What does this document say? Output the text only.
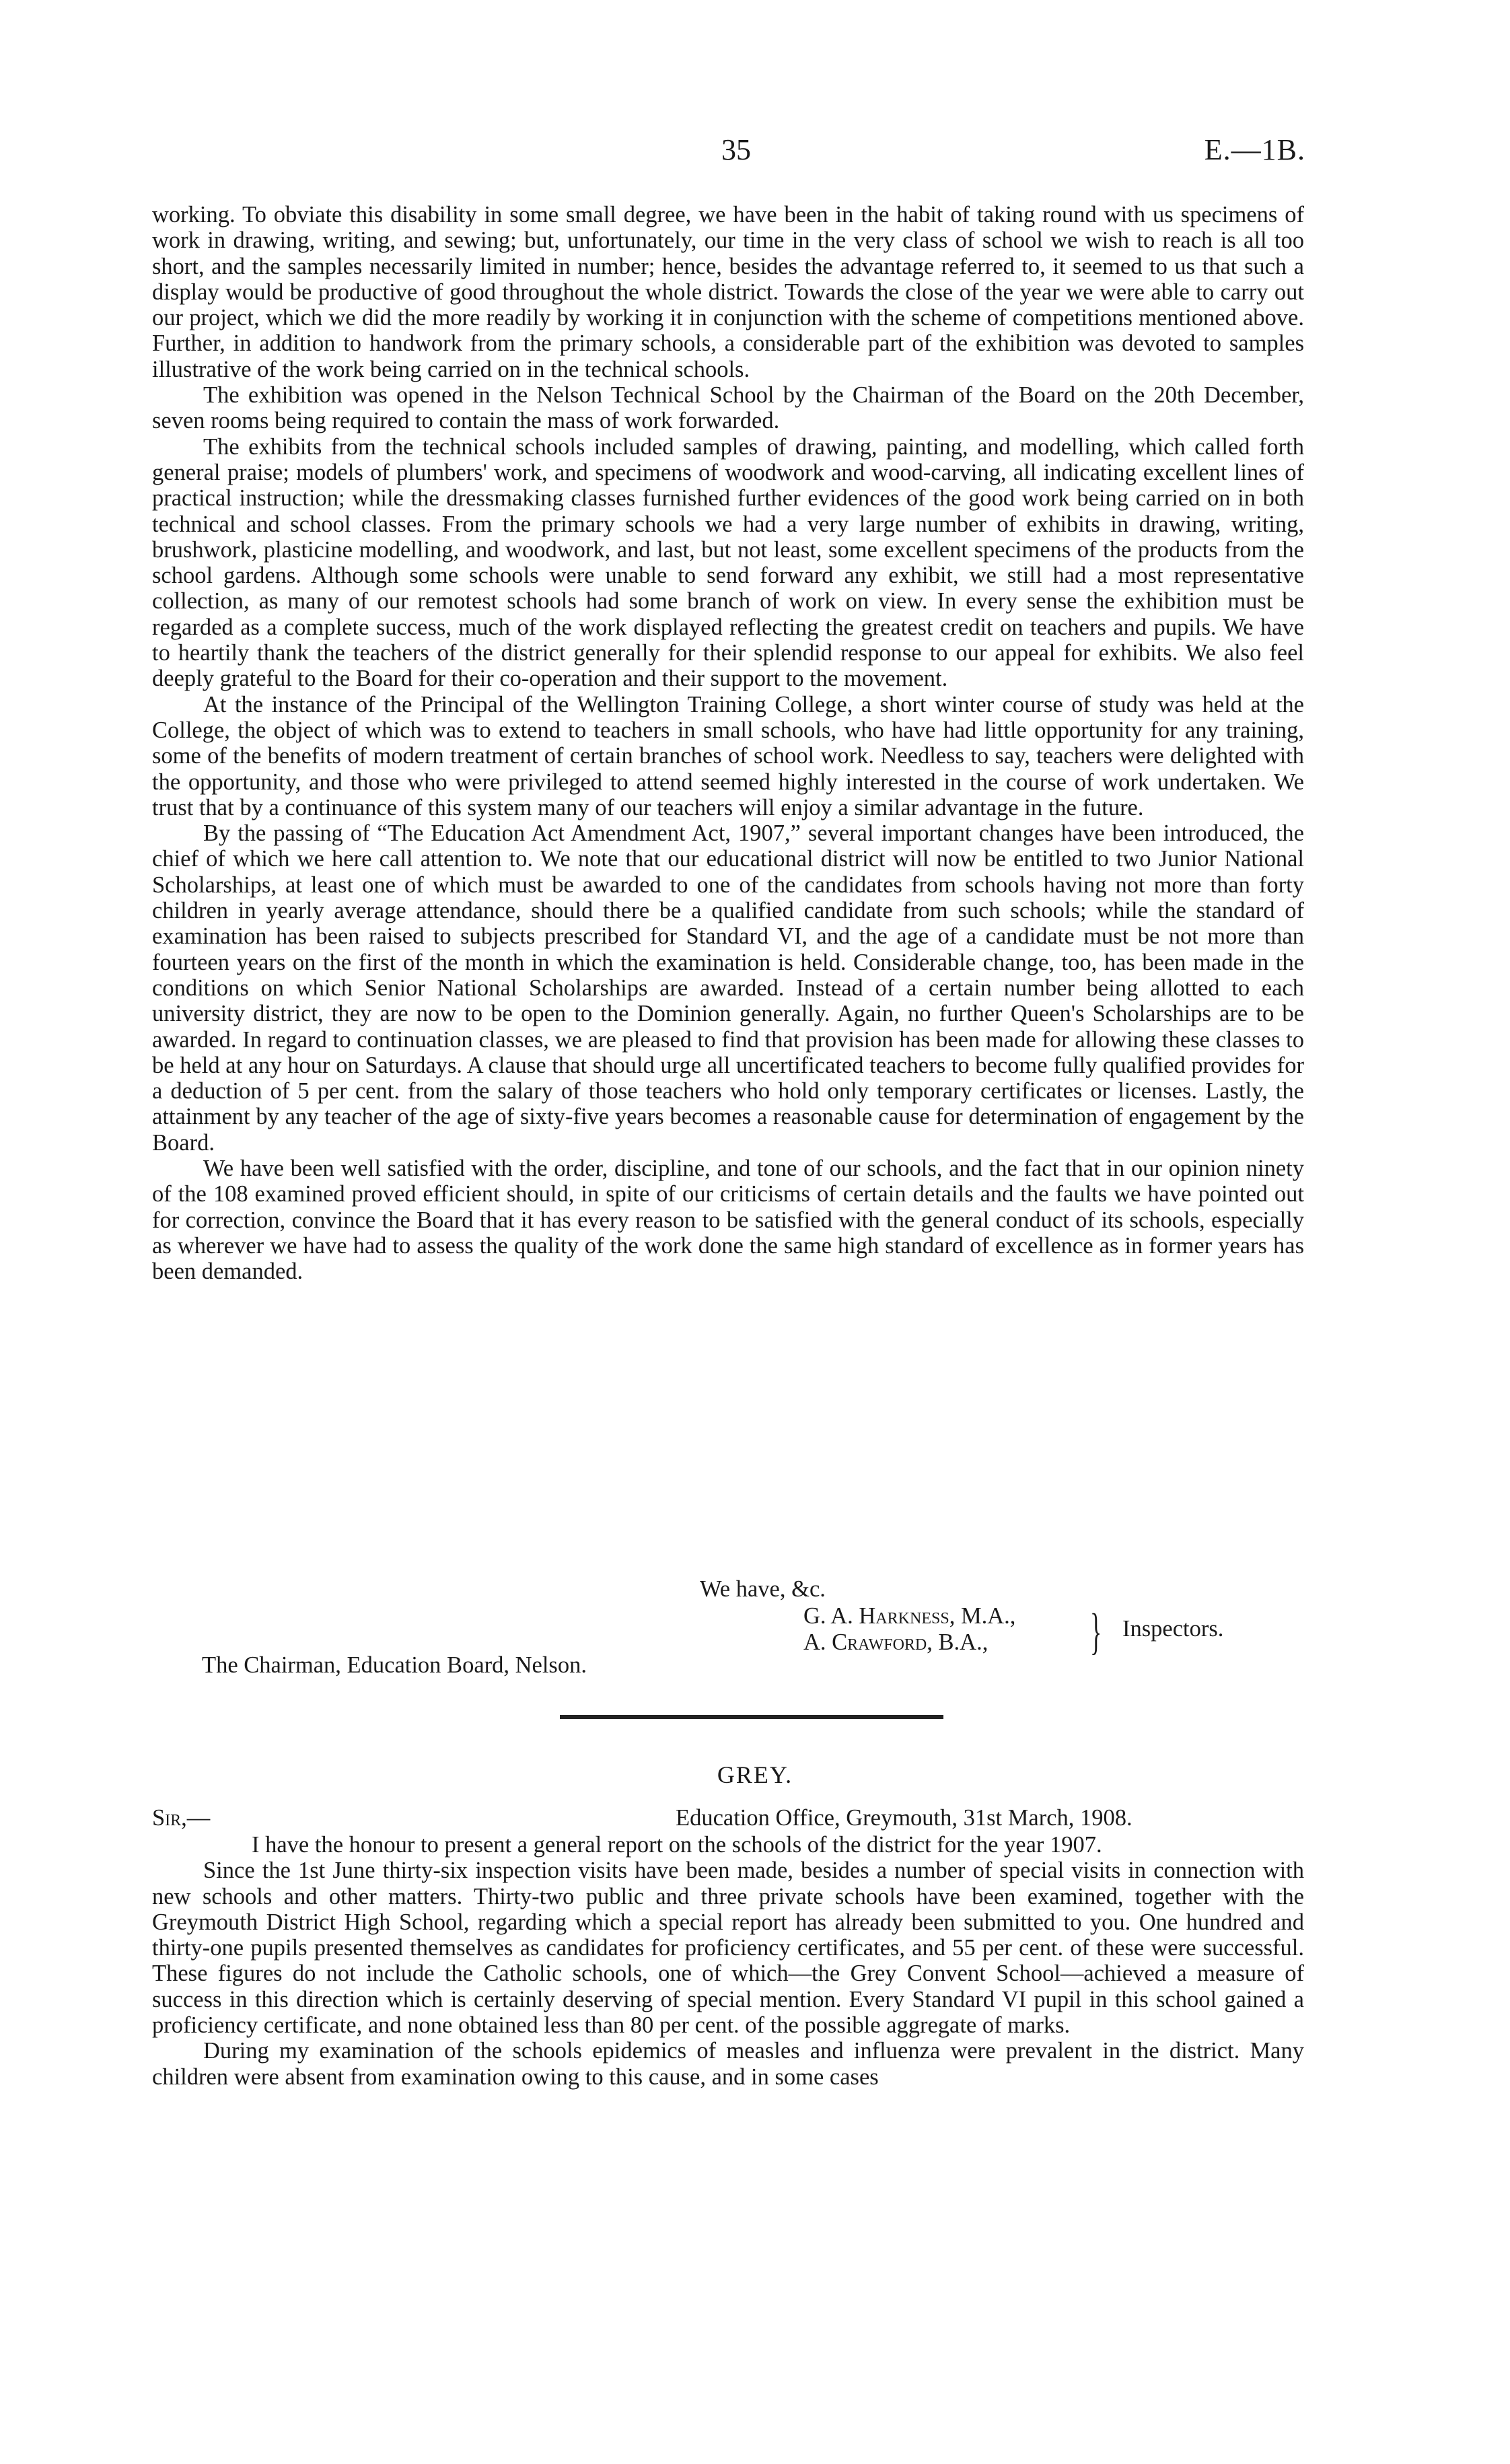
35	E.—1B.

working. To obviate this disability in some small degree, we have been in the habit of taking round with us specimens of work in drawing, writing, and sewing; but, unfortunately, our time in the very class of school we wish to reach is all too short, and the samples necessarily limited in number; hence, besides the advantage referred to, it seemed to us that such a display would be productive of good throughout the whole district. Towards the close of the year we were able to carry out our project, which we did the more readily by working it in conjunction with the scheme of competitions mentioned above. Further, in addition to handwork from the primary schools, a considerable part of the exhibition was devoted to samples illustrative of the work being carried on in the technical schools.

The exhibition was opened in the Nelson Technical School by the Chairman of the Board on the 20th December, seven rooms being required to contain the mass of work forwarded.

The exhibits from the technical schools included samples of drawing, painting, and modelling, which called forth general praise; models of plumbers' work, and specimens of woodwork and wood-carving, all indicating excellent lines of practical instruction; while the dressmaking classes furnished further evidences of the good work being carried on in both technical and school classes. From the primary schools we had a very large number of exhibits in drawing, writing, brushwork, plasticine modelling, and woodwork, and last, but not least, some excellent specimens of the products from the school gardens. Although some schools were unable to send forward any exhibit, we still had a most representative collection, as many of our remotest schools had some branch of work on view. In every sense the exhibition must be regarded as a complete success, much of the work displayed reflecting the greatest credit on teachers and pupils. We have to heartily thank the teachers of the district generally for their splendid response to our appeal for exhibits. We also feel deeply grateful to the Board for their co-operation and their support to the movement.

At the instance of the Principal of the Wellington Training College, a short winter course of study was held at the College, the object of which was to extend to teachers in small schools, who have had little opportunity for any training, some of the benefits of modern treatment of certain branches of school work. Needless to say, teachers were delighted with the opportunity, and those who were privileged to attend seemed highly interested in the course of work undertaken. We trust that by a continuance of this system many of our teachers will enjoy a similar advantage in the future.

By the passing of “The Education Act Amendment Act, 1907,” several important changes have been introduced, the chief of which we here call attention to. We note that our educational district will now be entitled to two Junior National Scholarships, at least one of which must be awarded to one of the candidates from schools having not more than forty children in yearly average attendance, should there be a qualified candidate from such schools; while the standard of examination has been raised to subjects prescribed for Standard VI, and the age of a candidate must be not more than fourteen years on the first of the month in which the examination is held. Considerable change, too, has been made in the conditions on which Senior National Scholarships are awarded. Instead of a certain number being allotted to each university district, they are now to be open to the Dominion generally. Again, no further Queen's Scholarships are to be awarded. In regard to continuation classes, we are pleased to find that provision has been made for allowing these classes to be held at any hour on Saturdays. A clause that should urge all uncertificated teachers to become fully qualified provides for a deduction of 5 per cent. from the salary of those teachers who hold only temporary certificates or licenses. Lastly, the attainment by any teacher of the age of sixty-five years becomes a reasonable cause for determination of engagement by the Board.

We have been well satisfied with the order, discipline, and tone of our schools, and the fact that in our opinion ninety of the 108 examined proved efficient should, in spite of our criticisms of certain details and the faults we have pointed out for correction, convince the Board that it has every reason to be satisfied with the general conduct of its schools, especially as wherever we have had to assess the quality of the work done the same high standard of excellence as in former years has been demanded.

We have, &c.
G. A. Harkness, M.A.,
A. Crawford, B.A.,	} Inspectors.
The Chairman, Education Board, Nelson.
GREY.
Sir,—	Education Office, Greymouth, 31st March, 1908.

I have the honour to present a general report on the schools of the district for the year 1907.

Since the 1st June thirty-six inspection visits have been made, besides a number of special visits in connection with new schools and other matters. Thirty-two public and three private schools have been examined, together with the Greymouth District High School, regarding which a special report has already been submitted to you. One hundred and thirty-one pupils presented themselves as candidates for proficiency certificates, and 55 per cent. of these were successful. These figures do not include the Catholic schools, one of which—the Grey Convent School—achieved a measure of success in this direction which is certainly deserving of special mention. Every Standard VI pupil in this school gained a proficiency certificate, and none obtained less than 80 per cent. of the possible aggregate of marks.

During my examination of the schools epidemics of measles and influenza were prevalent in the district. Many children were absent from examination owing to this cause, and in some cases
